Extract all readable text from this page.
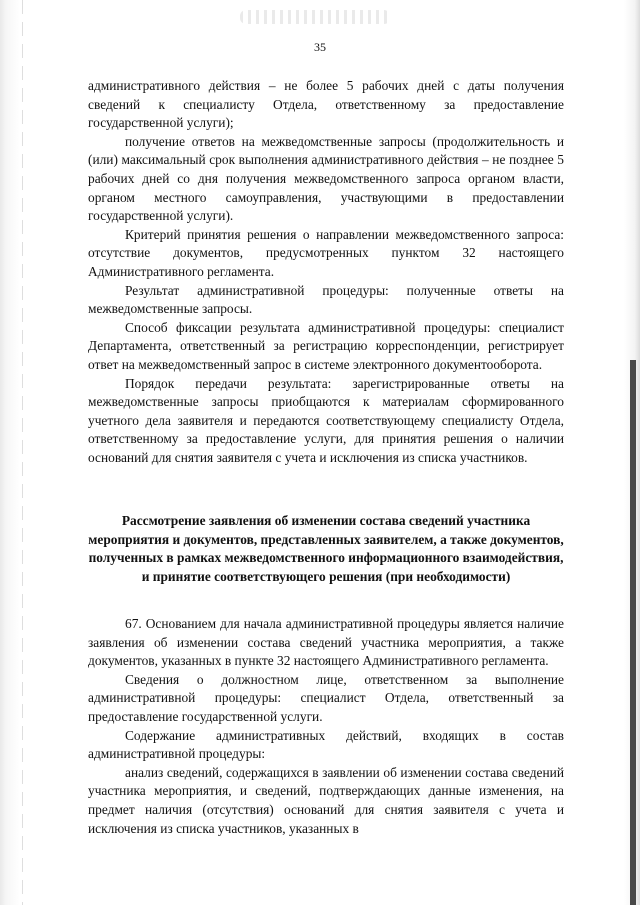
35

административного действия – не более 5 рабочих дней с даты получения сведений к специалисту Отдела, ответственному за предоставление государственной услуги);

получение ответов на межведомственные запросы (продолжительность и (или) максимальный срок выполнения административного действия – не позднее 5 рабочих дней со дня получения межведомственного запроса органом власти, органом местного самоуправления, участвующими в предоставлении государственной услуги).

Критерий принятия решения о направлении межведомственного запроса: отсутствие документов, предусмотренных пунктом 32 настоящего Административного регламента.

Результат административной процедуры: полученные ответы на межведомственные запросы.

Способ фиксации результата административной процедуры: специалист Департамента, ответственный за регистрацию корреспонденции, регистрирует ответ на межведомственный запрос в системе электронного документооборота.

Порядок передачи результата: зарегистрированные ответы на межведомственные запросы приобщаются к материалам сформированного учетного дела заявителя и передаются соответствующему специалисту Отдела, ответственному за предоставление услуги, для принятия решения о наличии оснований для снятия заявителя с учета и исключения из списка участников.

Рассмотрение заявления об изменении состава сведений участника мероприятия и документов, представленных заявителем, а также документов, полученных в рамках межведомственного информационного взаимодействия, и принятие соответствующего решения (при необходимости)

67. Основанием для начала административной процедуры является наличие заявления об изменении состава сведений участника мероприятия, а также документов, указанных в пункте 32 настоящего Административного регламента.

Сведения о должностном лице, ответственном за выполнение административной процедуры: специалист Отдела, ответственный за предоставление государственной услуги.

Содержание административных действий, входящих в состав административной процедуры:

анализ сведений, содержащихся в заявлении об изменении состава сведений участника мероприятия, и сведений, подтверждающих данные изменения, на предмет наличия (отсутствия) оснований для снятия заявителя с учета и исключения из списка участников, указанных в
